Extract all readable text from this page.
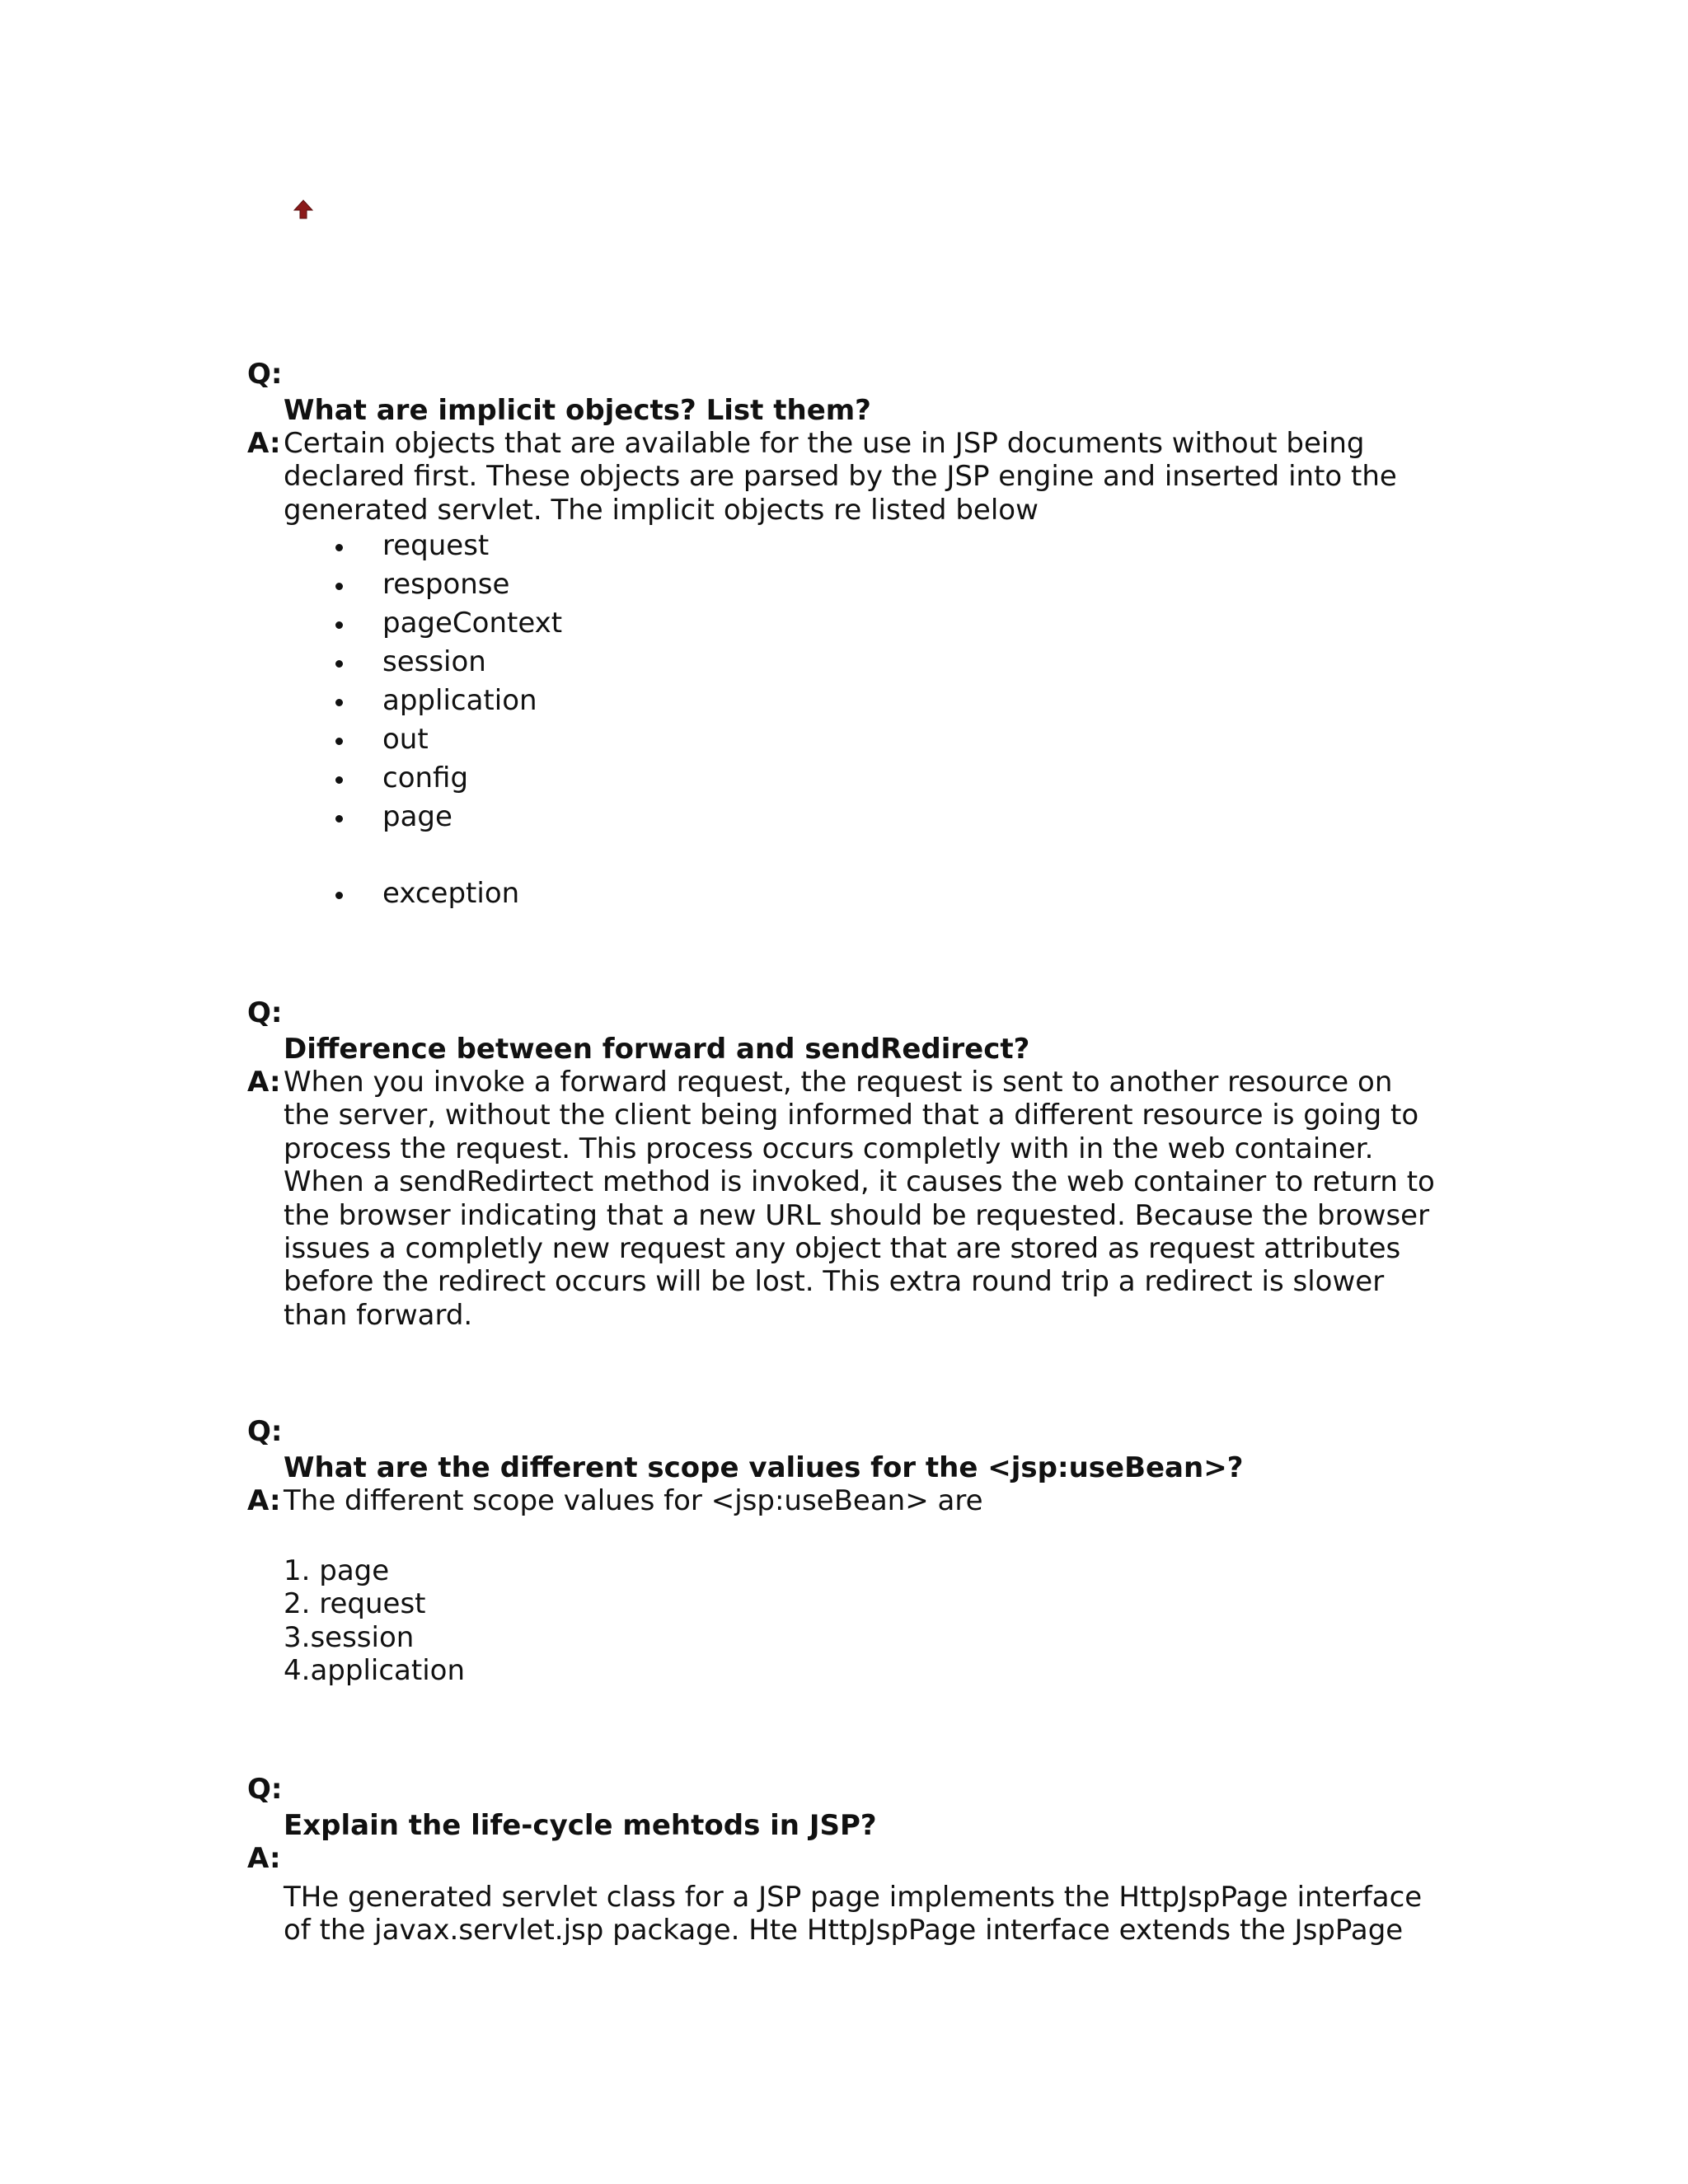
Q:
What are implicit objects? List them?
A: Certain objects that are available for the use in JSP documents without being

declared first. These objects are parsed by the JSP engine and inserted into the

generated servlet. The implicit objects re listed below

request
response
pageContext
session
application
out
config
page
exception
Q:
Difference between forward and sendRedirect?
A: When you invoke a forward request, the request is sent to another resource on

the server, without the client being informed that a different resource is going to

process the request. This process occurs completly with in the web container.

When a sendRedirtect method is invoked, it causes the web container to return to

the browser indicating that a new URL should be requested. Because the browser

issues a completly new request any object that are stored as request attributes

before the redirect occurs will be lost. This extra round trip a redirect is slower

than forward.

Q:
What are the different scope valiues for the <jsp:useBean>?
A: The different scope values for <jsp:useBean> are

1. page
2. request
3.session
4.application
Q:
Explain the life-cycle mehtods in JSP?
A:

THe generated servlet class for a JSP page implements the HttpJspPage interface

of the javax.servlet.jsp package. Hte HttpJspPage interface extends the JspPage
